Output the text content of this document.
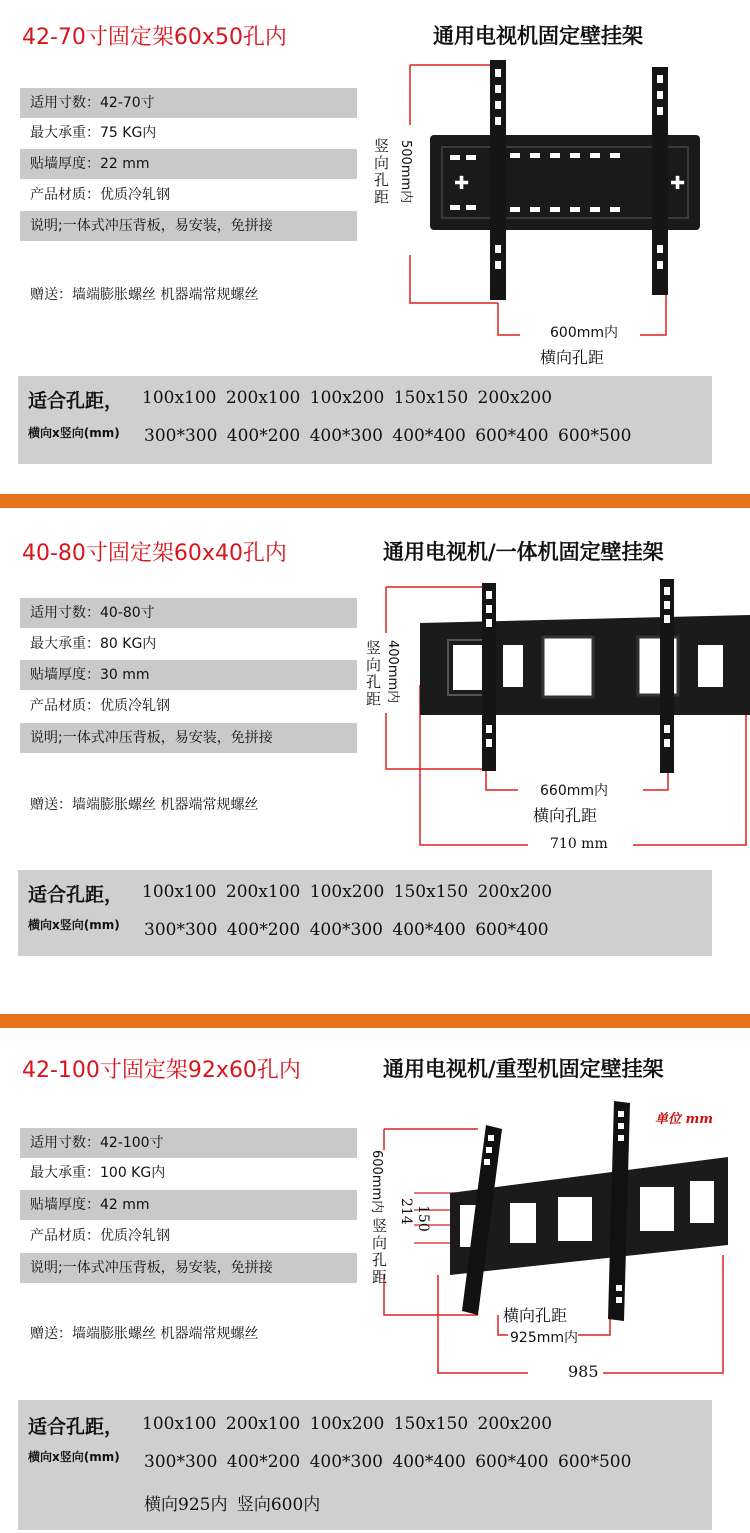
42-70寸固定架60x50孔内	通用电视机固定壁挂架
适用寸数：42-70寸
最大承重：75 KG内
贴墙厚度：22 mm
产品材质：优质冷轧钢
说明;一体式冲压背板，易安装，免拼接
赠送：墙端膨胀螺丝 机器端常规螺丝
✚	✚
500mm内
竖向孔距
600mm内
横向孔距
适合孔距，
横向x竖向(mm)
100x100 200x100 100x200 150x150 200x200
300*300 400*200 400*300 400*400 600*400 600*500
40-80寸固定架60x40孔内	通用电视机/一体机固定壁挂架
适用寸数：40-80寸
最大承重：80 KG内
贴墙厚度：30 mm
产品材质：优质冷轧钢
说明;一体式冲压背板，易安装，免拼接
赠送：墙端膨胀螺丝 机器端常规螺丝
400mm内
竖向孔距
660mm内
横向孔距
710 mm
适合孔距，
横向x竖向(mm)
100x100 200x100 100x200 150x150 200x200
300*300 400*200 400*300 400*400 600*400
42-100寸固定架92x60孔内	通用电视机/重型机固定壁挂架
适用寸数：42-100寸
最大承重：100 KG内
贴墙厚度：42 mm
产品材质：优质冷轧钢
说明;一体式冲压背板，易安装，免拼接
赠送：墙端膨胀螺丝 机器端常规螺丝
单位 mm
600mm内
竖向孔距
150
214
横向孔距
925mm内
985
适合孔距，
横向x竖向(mm)
100x100 200x100 100x200 150x150 200x200
300*300 400*200 400*300 400*400 600*400 600*500
横向925内 竖向600内
